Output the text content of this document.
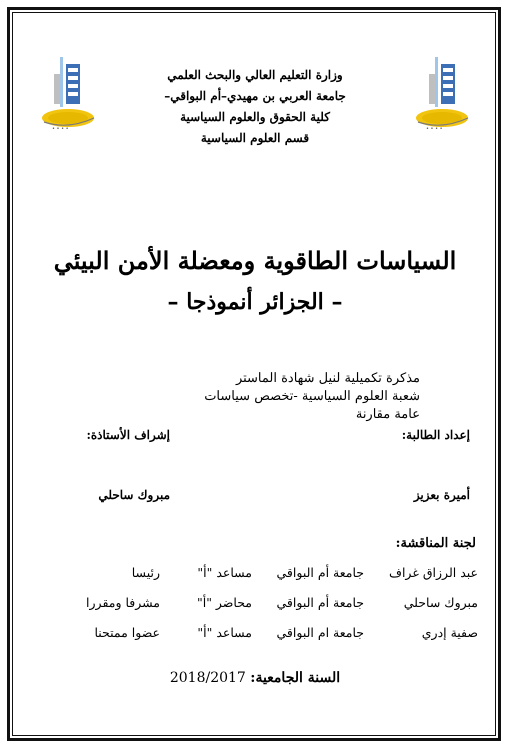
• • • •	• • • •
وزارة التعليم العالي والبحث العلمي
جامعة العربي بن مهيدي–أم البواقي–
كلية الحقوق والعلوم السياسية
قسم العلوم السياسية
السياسات الطاقوية ومعضلة الأمن البيئي
– الجزائر أنموذجا –
مذكرة تكميلية لنيل شهادة الماستر
شعبة العلوم السياسية -تخصص سياسات عامة مقارنة
إعداد الطالبة:
أميرة بعزيز
إشراف الأستاذة:
مبروك ساحلي
لجنة المناقشة:
عبد الرزاق غراف
جامعة أم البواقي
مساعد "أ"
رئيسا
مبروك ساحلي
جامعة أم البواقي
محاضر "أ"
مشرفا ومقررا
صفية إدري
جامعة ام البواقي
مساعد "أ"
عضوا ممتحنا
السنة الجامعية: 2018/2017
